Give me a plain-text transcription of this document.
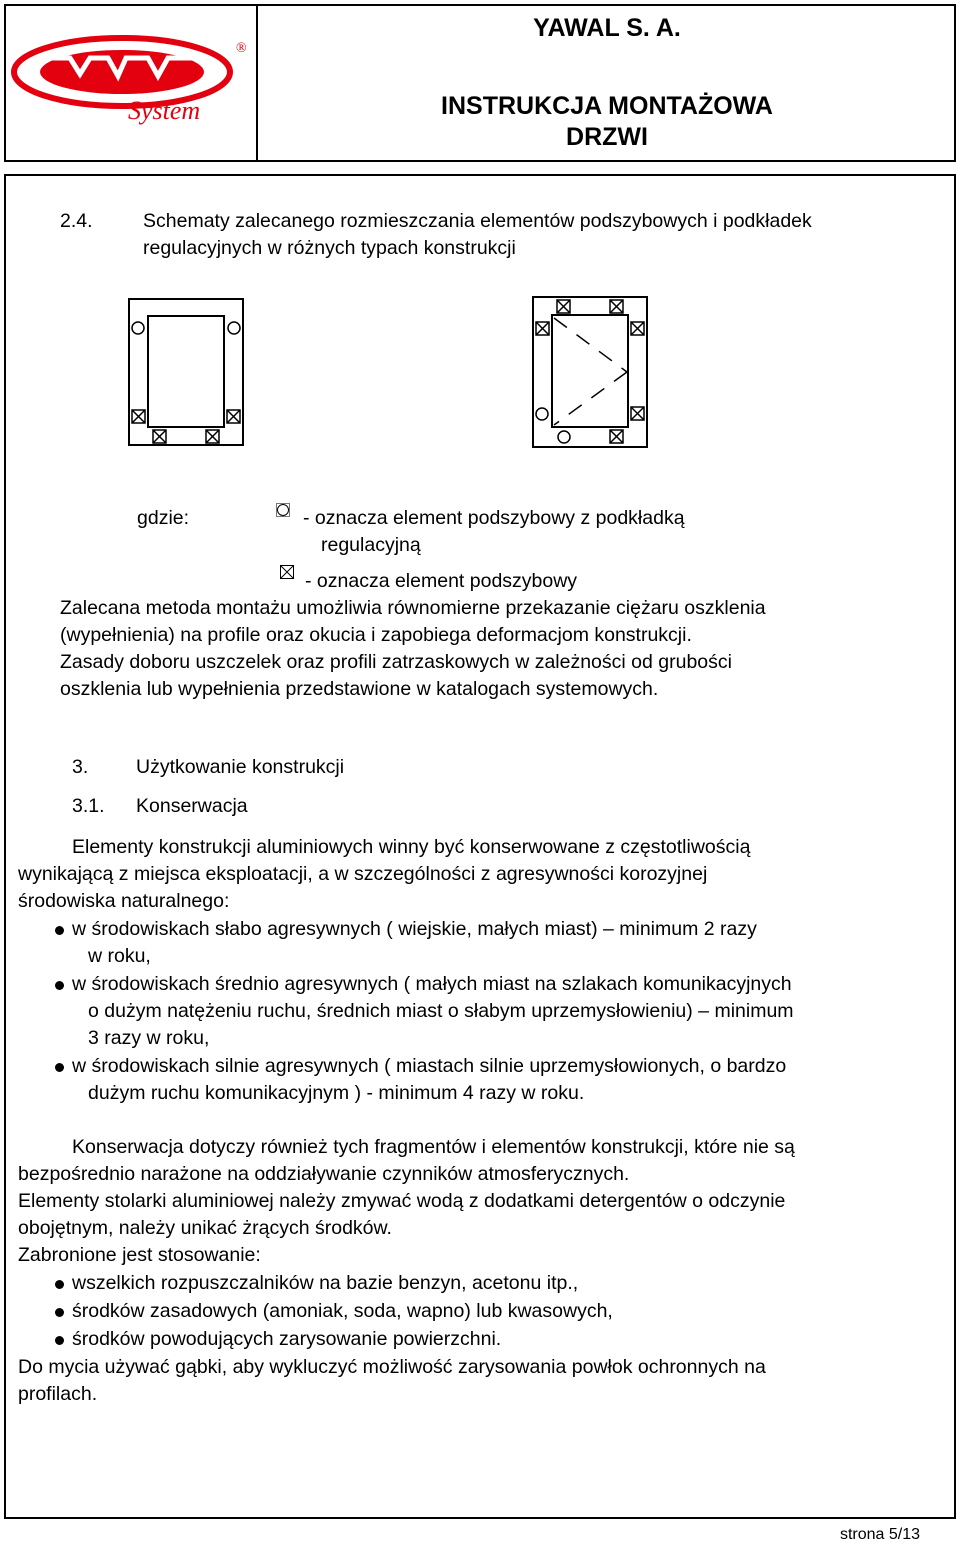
®
System
YAWAL S. A.
INSTRUKCJA MONTAŻOWA
DRZWI
2.4.	Schematy zalecanego rozmieszczania elementów podszybowych i podkładek
regulacyjnych w różnych typach konstrukcji
gdzie:	- oznacza element podszybowy z podkładką
regulacyjną
- oznacza element podszybowy
Zalecana metoda montażu umożliwia równomierne przekazanie ciężaru oszklenia
(wypełnienia) na profile oraz okucia i zapobiega deformacjom konstrukcji.
Zasady doboru uszczelek oraz profili zatrzaskowych w zależności od grubości
oszklenia lub wypełnienia przedstawione w katalogach systemowych.
3. Użytkowanie konstrukcji
3.1. Konserwacja
Elementy konstrukcji aluminiowych winny być konserwowane z częstotliwością
wynikającą z miejsca eksploatacji, a w szczególności z agresywności korozyjnej
środowiska naturalnego:
w środowiskach słabo agresywnych ( wiejskie, małych miast) – minimum 2 razy
w roku,
w środowiskach średnio agresywnych ( małych miast na szlakach komunikacyjnych
o dużym natężeniu ruchu, średnich miast o słabym uprzemysłowieniu) – minimum
3 razy w roku,
w środowiskach silnie agresywnych ( miastach silnie uprzemysłowionych, o bardzo
dużym ruchu komunikacyjnym ) - minimum 4 razy w roku.
Konserwacja dotyczy również tych fragmentów i elementów konstrukcji, które nie są
bezpośrednio narażone na oddziaływanie czynników atmosferycznych.
Elementy stolarki aluminiowej należy zmywać wodą z dodatkami detergentów o odczynie
obojętnym, należy unikać żrących środków.
Zabronione jest stosowanie:
wszelkich rozpuszczalników na bazie benzyn, acetonu itp.,
środków zasadowych (amoniak, soda, wapno) lub kwasowych,
środków powodujących zarysowanie powierzchni.
Do mycia używać gąbki, aby wykluczyć możliwość zarysowania powłok ochronnych na
profilach.
strona 5/13
